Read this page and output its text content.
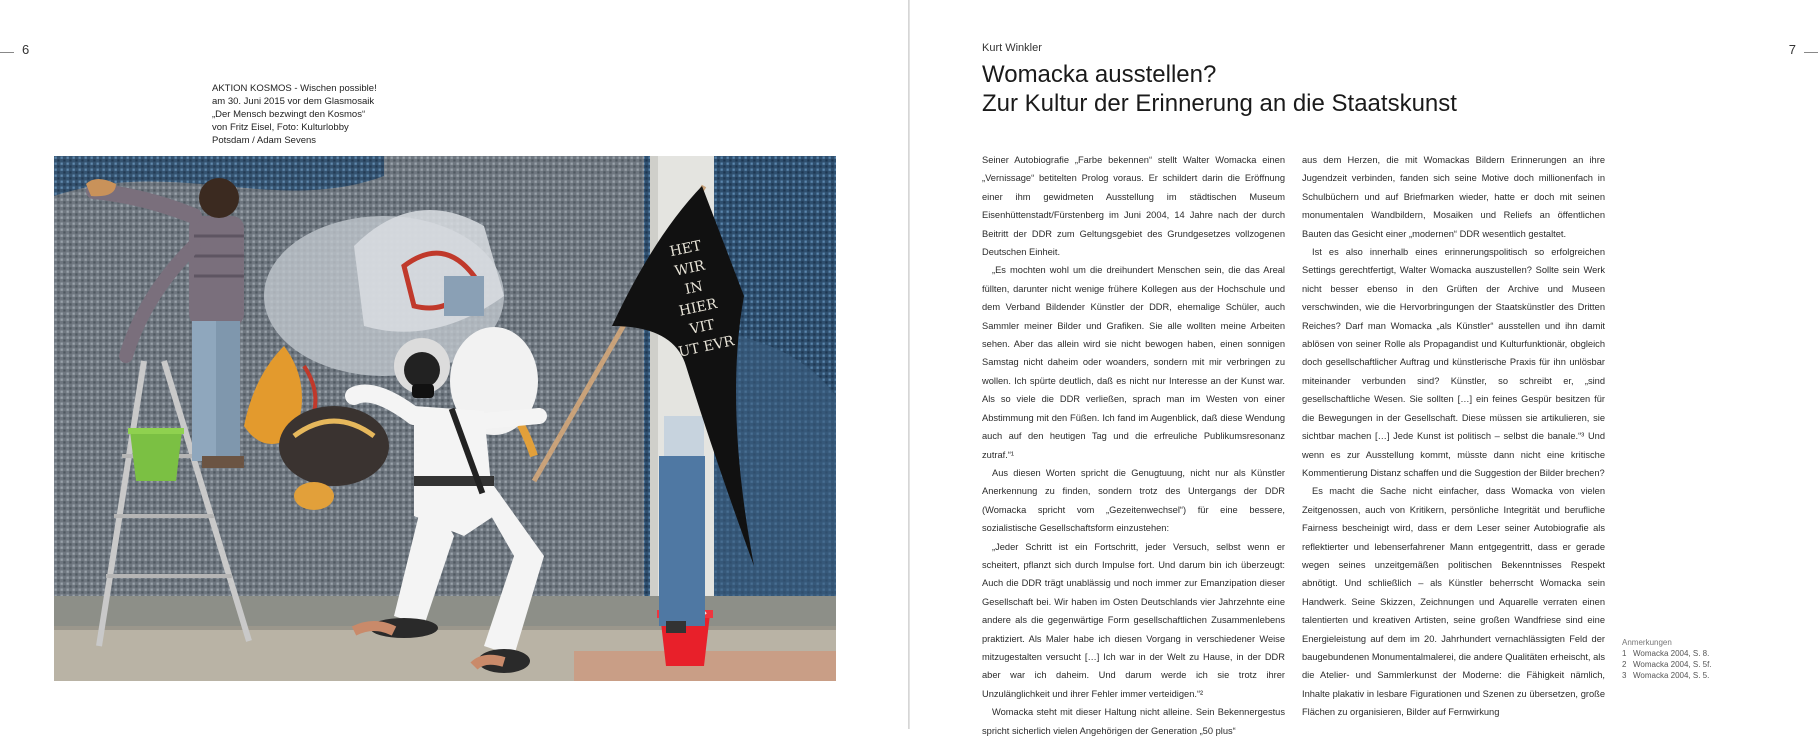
6
AKTION KOSMOS - Wischen possible!
am 30. Juni 2015 vor dem Glasmosaik
„Der Mensch bezwingt den Kosmos“
von Fritz Eisel, Foto: Kulturlobby
Potsdam / Adam Sevens
HET
WIR
IN
HIER
VIT
UT EVR
7
Kurt Winkler
Womacka ausstellen?
Zur Kultur der Erinnerung an die Staatskunst

Seiner Autobiografie „Farbe bekennen“ stellt Walter Womacka einen „Vernissage“ betitelten Prolog voraus. Er schildert darin die Eröffnung einer ihm gewidmeten Ausstellung im städtischen Museum Eisenhüttenstadt/Fürstenberg im Juni 2004, 14 Jahre nach der durch Beitritt der DDR zum Geltungsgebiet des Grundgesetzes vollzogenen Deutschen Einheit.

„Es mochten wohl um die dreihundert Menschen sein, die das Areal füllten, darunter nicht wenige frühere Kollegen aus der Hochschule und dem Verband Bildender Künstler der DDR, ehemalige Schüler, auch Sammler meiner Bilder und Grafiken. Sie alle wollten meine Arbeiten sehen. Aber das allein wird sie nicht bewogen haben, einen sonnigen Samstag nicht daheim oder woanders, sondern mit mir verbringen zu wollen. Ich spürte deutlich, daß es nicht nur Interesse an der Kunst war. Als so viele die DDR verließen, sprach man im Westen von einer Abstimmung mit den Füßen. Ich fand im Augenblick, daß diese Wendung auch auf den heutigen Tag und die erfreuliche Publikumsresonanz zutraf.“¹

Aus diesen Worten spricht die Genugtuung, nicht nur als Künstler Anerkennung zu finden, sondern trotz des Untergangs der DDR (Womacka spricht vom „Gezeitenwechsel“) für eine bessere, sozialistische Gesellschaftsform einzustehen:

„Jeder Schritt ist ein Fortschritt, jeder Versuch, selbst wenn er scheitert, pflanzt sich durch Impulse fort. Und darum bin ich überzeugt: Auch die DDR trägt unablässig und noch immer zur Emanzipation dieser Gesellschaft bei. Wir haben im Osten Deutschlands vier Jahrzehnte eine andere als die gegenwärtige Form gesellschaftlichen Zusammenlebens praktiziert. Als Maler habe ich diesen Vorgang in verschiedener Weise mitzugestalten versucht […] Ich war in der Welt zu Hause, in der DDR aber war ich daheim. Und darum werde ich sie trotz ihrer Unzulänglichkeit und ihrer Fehler immer verteidigen.“²

Womacka steht mit dieser Haltung nicht alleine. Sein Bekennergestus spricht sicherlich vielen Angehörigen der Generation „50 plus“

aus dem Herzen, die mit Womackas Bildern Erinnerungen an ihre Jugendzeit verbinden, fanden sich seine Motive doch millionenfach in Schulbüchern und auf Briefmarken wieder, hatte er doch mit seinen monumentalen Wandbildern, Mosaiken und Reliefs an öffentlichen Bauten das Gesicht einer „modernen“ DDR wesentlich gestaltet.

Ist es also innerhalb eines erinnerungspolitisch so erfolgreichen Settings gerechtfertigt, Walter Womacka auszustellen? Sollte sein Werk nicht besser ebenso in den Grüften der Archive und Museen verschwinden, wie die Hervorbringungen der Staatskünstler des Dritten Reiches? Darf man Womacka „als Künstler“ ausstellen und ihn damit ablösen von seiner Rolle als Propagandist und Kulturfunktionär, obgleich doch gesellschaftlicher Auftrag und künstlerische Praxis für ihn unlösbar miteinander verbunden sind? Künstler, so schreibt er, „sind gesellschaftliche Wesen. Sie sollten […] ein feines Gespür besitzen für die Bewegungen in der Gesellschaft. Diese müssen sie artikulieren, sie sichtbar machen […] Jede Kunst ist politisch – selbst die banale.“³ Und wenn es zur Ausstellung kommt, müsste dann nicht eine kritische Kommentierung Distanz schaffen und die Suggestion der Bilder brechen?

Es macht die Sache nicht einfacher, dass Womacka von vielen Zeitgenossen, auch von Kritikern, persönliche Integrität und berufliche Fairness bescheinigt wird, dass er dem Leser seiner Autobiografie als reflektierter und lebenserfahrener Mann entgegentritt, dass er gerade wegen seines unzeitgemäßen politischen Bekenntnisses Respekt abnötigt. Und schließlich – als Künstler beherrscht Womacka sein Handwerk. Seine Skizzen, Zeichnungen und Aquarelle verraten einen talentierten und kreativen Artisten, seine großen Wandfriese sind eine Energieleistung auf dem im 20. Jahrhundert vernachlässigten Feld der baugebundenen Monumentalmalerei, die andere Qualitäten erheischt, als die Atelier- und Sammlerkunst der Moderne: die Fähigkeit nämlich, Inhalte plakativ in lesbare Figurationen und Szenen zu übersetzen, große Flächen zu organisieren, Bilder auf Fernwirkung

Anmerkungen
1 Womacka 2004, S. 8.
2 Womacka 2004, S. 5f.
3 Womacka 2004, S. 5.
